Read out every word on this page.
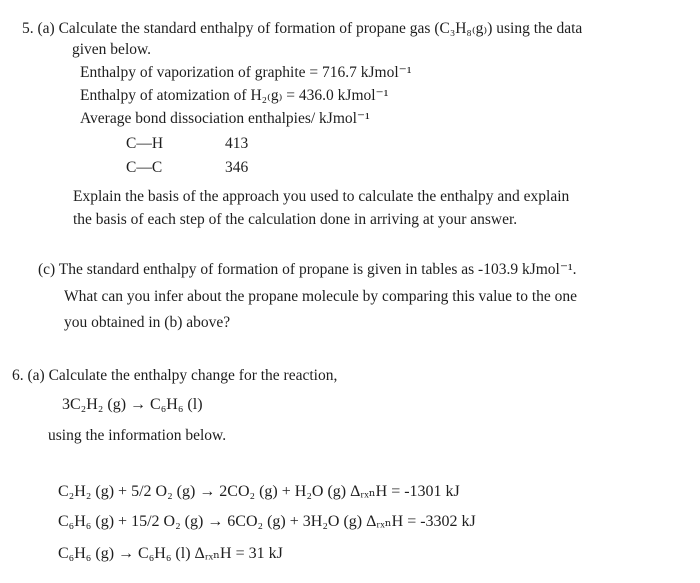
5. (a) Calculate the standard enthalpy of formation of propane gas (C₃H₈₍g₎) using the data
given below.
Enthalpy of vaporization of graphite = 716.7 kJmol⁻¹
Enthalpy of atomization of H₂₍g₎ = 436.0 kJmol⁻¹
Average bond dissociation enthalpies/ kJmol⁻¹
C—H	413
C—C	346
Explain the basis of the approach you used to calculate the enthalpy and explain
the basis of each step of the calculation done in arriving at your answer.
(c) The standard enthalpy of formation of propane is given in tables as -103.9 kJmol⁻¹.
What can you infer about the propane molecule by comparing this value to the one
you obtained in (b) above?
6. (a) Calculate the enthalpy change for the reaction,
3C₂H₂ (g) → C₆H₆ (l)
using the information below.
C₂H₂ (g) + 5/2 O₂ (g) → 2CO₂ (g) + H₂O (g) ΔᵣₓₙH = -1301 kJ
C₆H₆ (g) + 15/2 O₂ (g) → 6CO₂ (g) + 3H₂O (g) ΔᵣₓₙH = -3302 kJ
C₆H₆ (g) → C₆H₆ (l) ΔᵣₓₙH = 31 kJ
